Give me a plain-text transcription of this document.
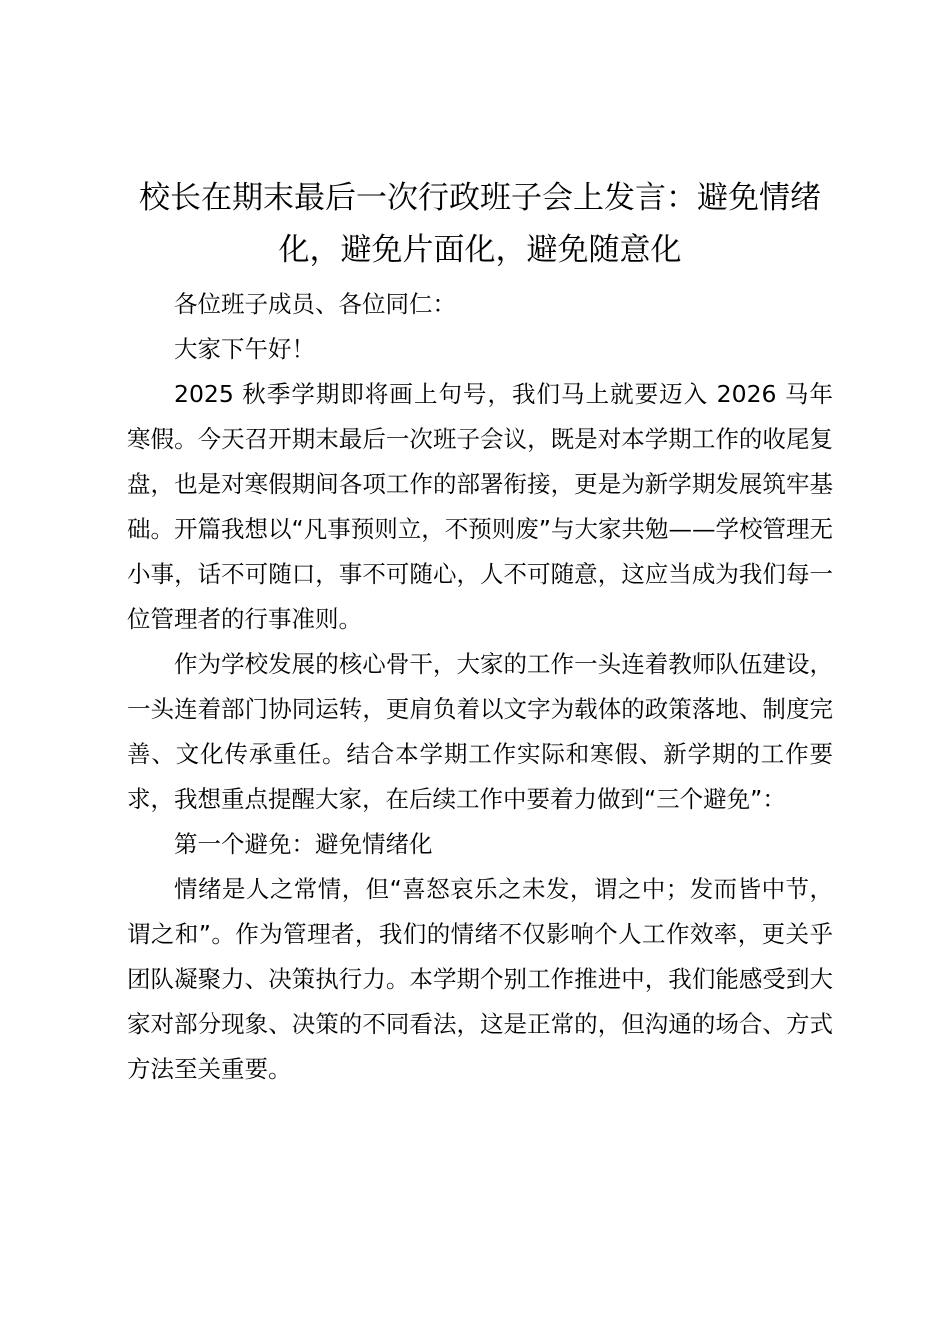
校长在期末最后一次行政班子会上发言：避免情绪化，避免片面化，避免随意化

各位班子成员、各位同仁：

大家下午好！

2025 秋季学期即将画上句号，我们马上就要迈入 2026 马年寒假。今天召开期末最后一次班子会议，既是对本学期工作的收尾复盘，也是对寒假期间各项工作的部署衔接，更是为新学期发展筑牢基础。开篇我想以“凡事预则立，不预则废”与大家共勉——学校管理无小事，话不可随口，事不可随心，人不可随意，这应当成为我们每一位管理者的行事准则。

作为学校发展的核心骨干，大家的工作一头连着教师队伍建设，一头连着部门协同运转，更肩负着以文字为载体的政策落地、制度完善、文化传承重任。结合本学期工作实际和寒假、新学期的工作要求，我想重点提醒大家，在后续工作中要着力做到“三个避免”：

第一个避免：避免情绪化

情绪是人之常情，但“喜怒哀乐之未发，谓之中；发而皆中节，谓之和”。作为管理者，我们的情绪不仅影响个人工作效率，更关乎团队凝聚力、决策执行力。本学期个别工作推进中，我们能感受到大家对部分现象、决策的不同看法，这是正常的，但沟通的场合、方式方法至关重要。
